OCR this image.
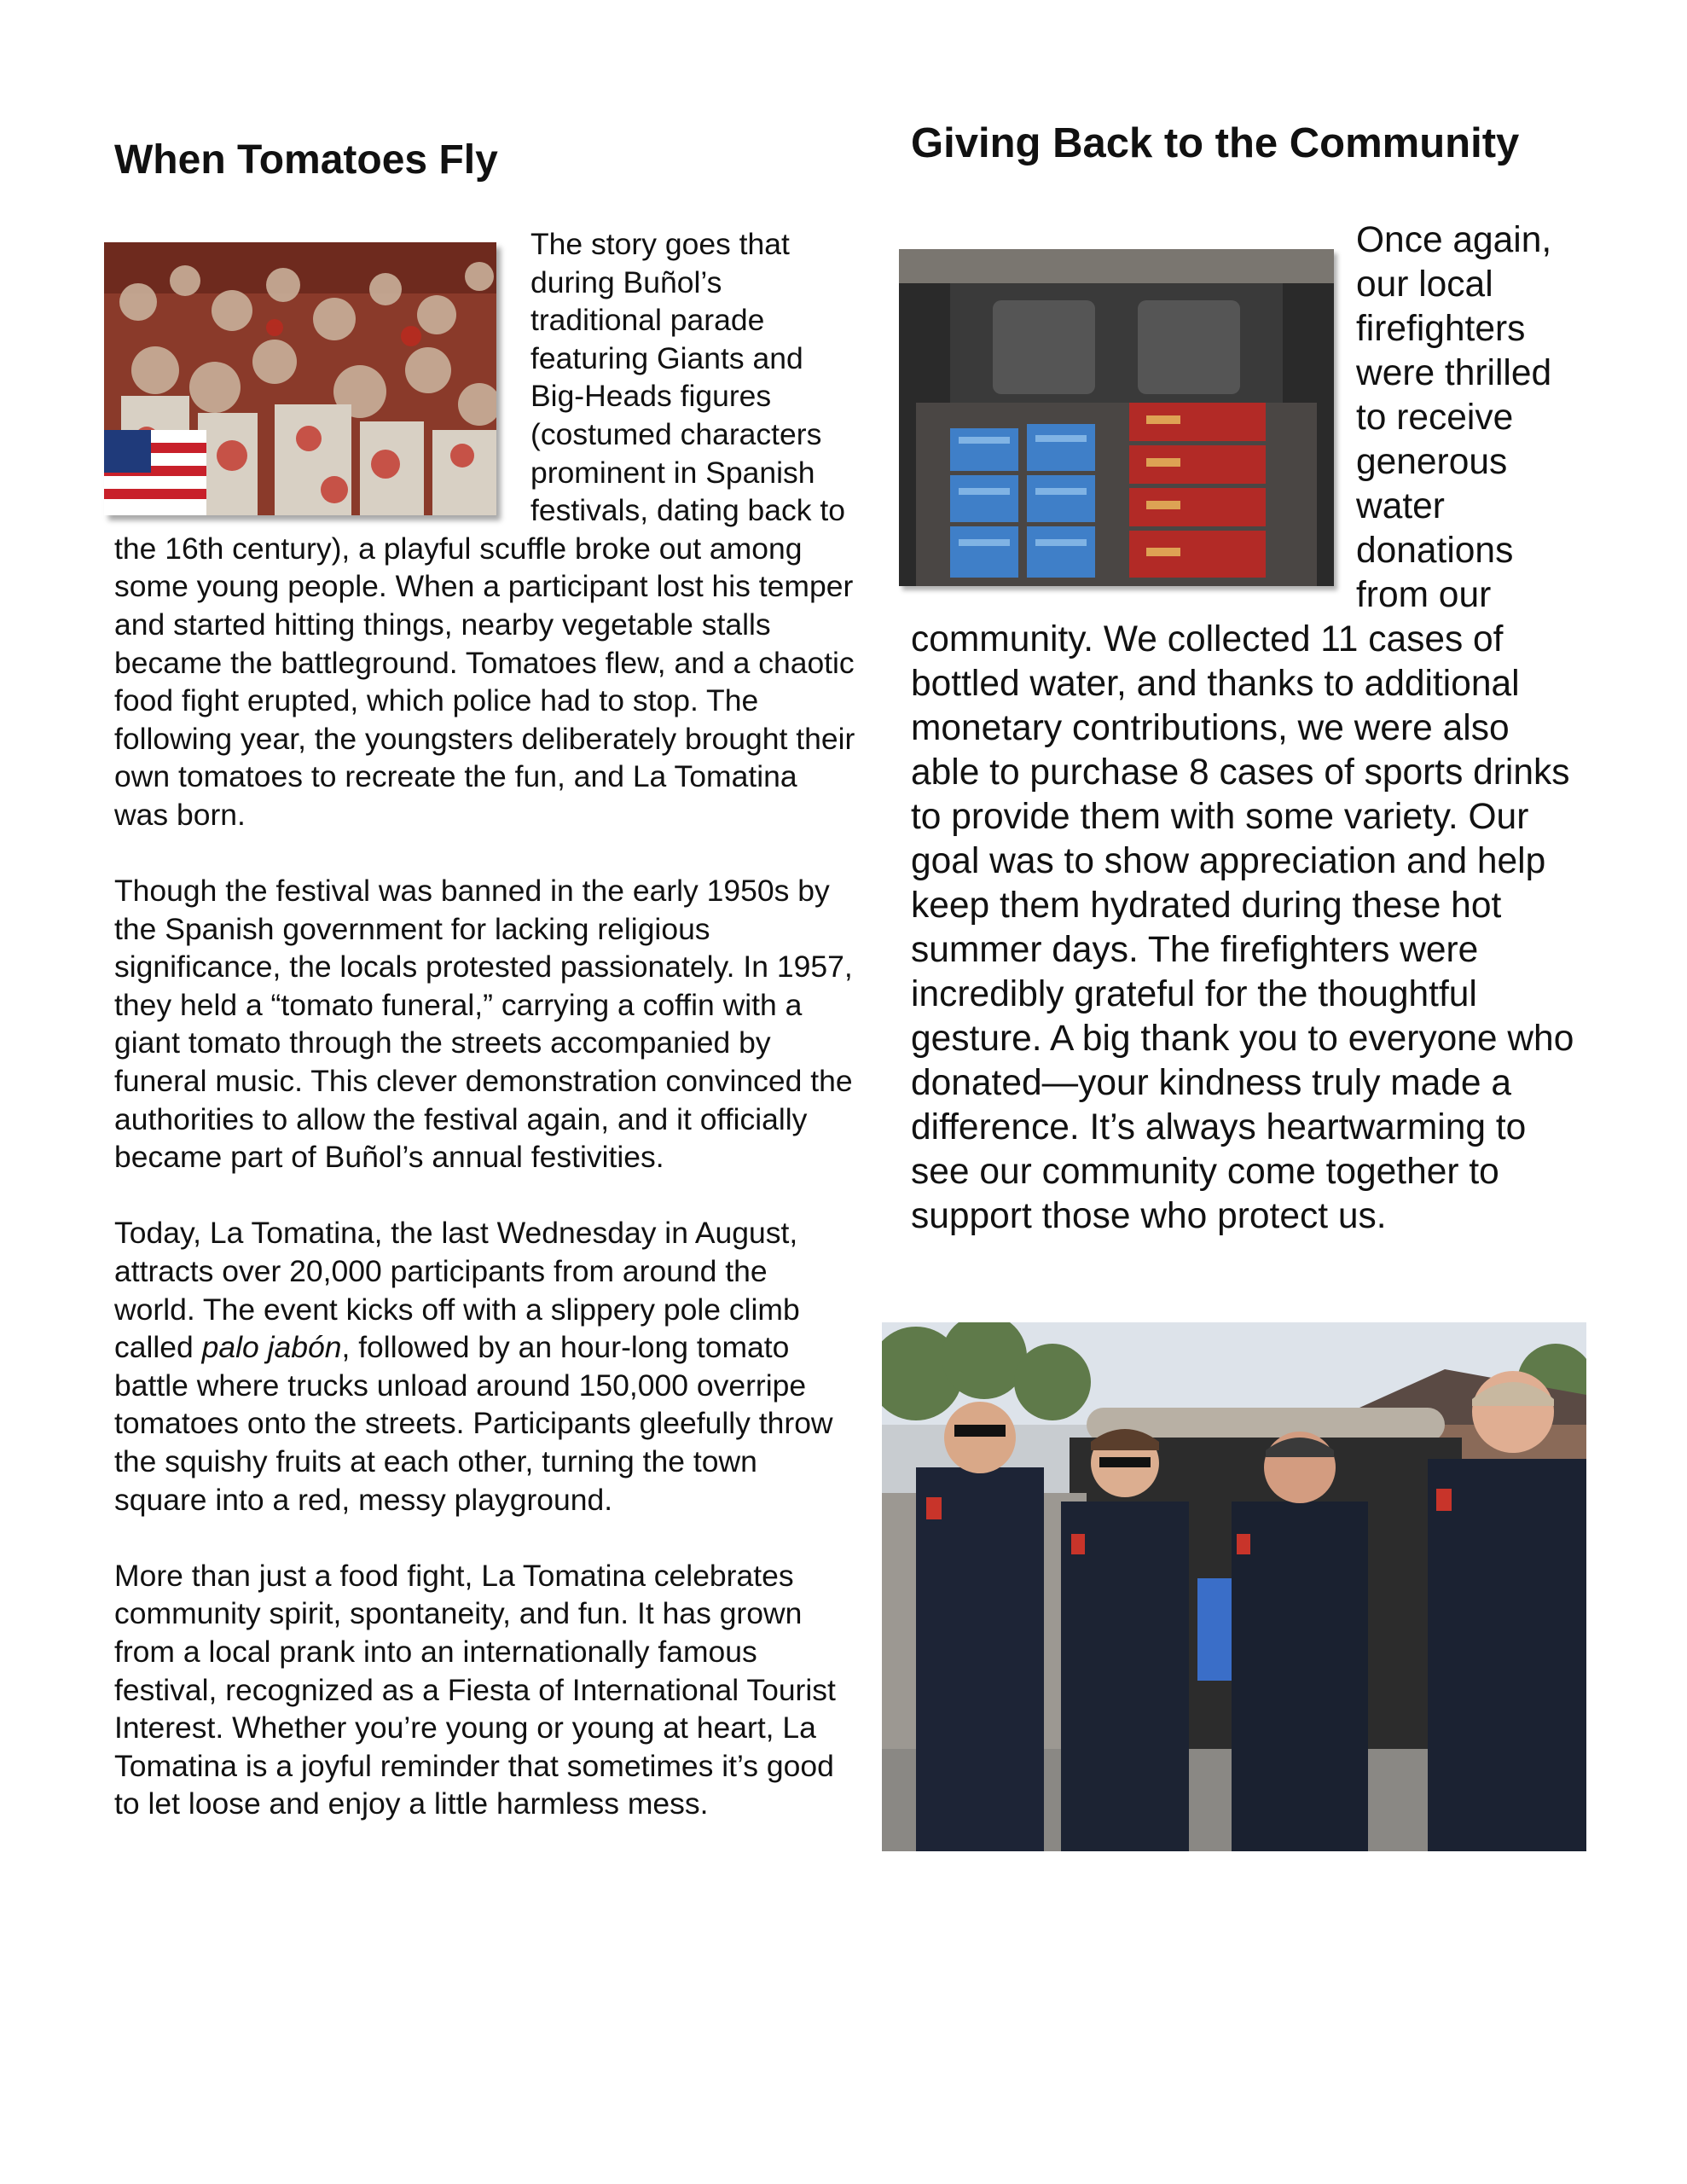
When Tomatoes Fly

The story goes that during Buñol’s traditional parade featuring Giants and Big-Heads figures (costumed characters prominent in Spanish festivals, dating back to the 16th century), a playful scuffle broke out among some young people. When a participant lost his temper and started hitting things, nearby vegetable stalls became the battleground. Tomatoes flew, and a chaotic food fight erupted, which police had to stop. The following year, the youngsters deliberately brought their own tomatoes to recreate the fun, and La Tomatina was born.

Though the festival was banned in the early 1950s by the Spanish government for lacking religious significance, the locals protested passionately. In 1957, they held a “tomato funeral,” carrying a coffin with a giant tomato through the streets accompanied by funeral music. This clever demonstration convinced the authorities to allow the festival again, and it officially became part of Buñol’s annual festivities.

Today, La Tomatina, the last Wednesday in August, attracts over 20,000 participants from around the world. The event kicks off with a slippery pole climb called palo jabón, followed by an hour-long tomato battle where trucks unload around 150,000 overripe tomatoes onto the streets. Participants gleefully throw the squishy fruits at each other, turning the town square into a red, messy playground.

More than just a food fight, La Tomatina celebrates community spirit, spontaneity, and fun. It has grown from a local prank into an internationally famous festival, recognized as a Fiesta of International Tourist Interest. Whether you’re young or young at heart, La Tomatina is a joyful reminder that sometimes it’s good to let loose and enjoy a little harmless mess.

Giving Back to the Community

Once again, our local firefighters were thrilled to receive generous water donations from our community. We collected 11 cases of bottled water, and thanks to additional monetary contributions, we were also able to purchase 8 cases of sports drinks to provide them with some variety. Our goal was to show appreciation and help keep them hydrated during these hot summer days. The firefighters were incredibly grateful for the thoughtful gesture. A big thank you to everyone who donated—your kindness truly made a difference. It’s always heartwarming to see our community come together to support those who protect us.
